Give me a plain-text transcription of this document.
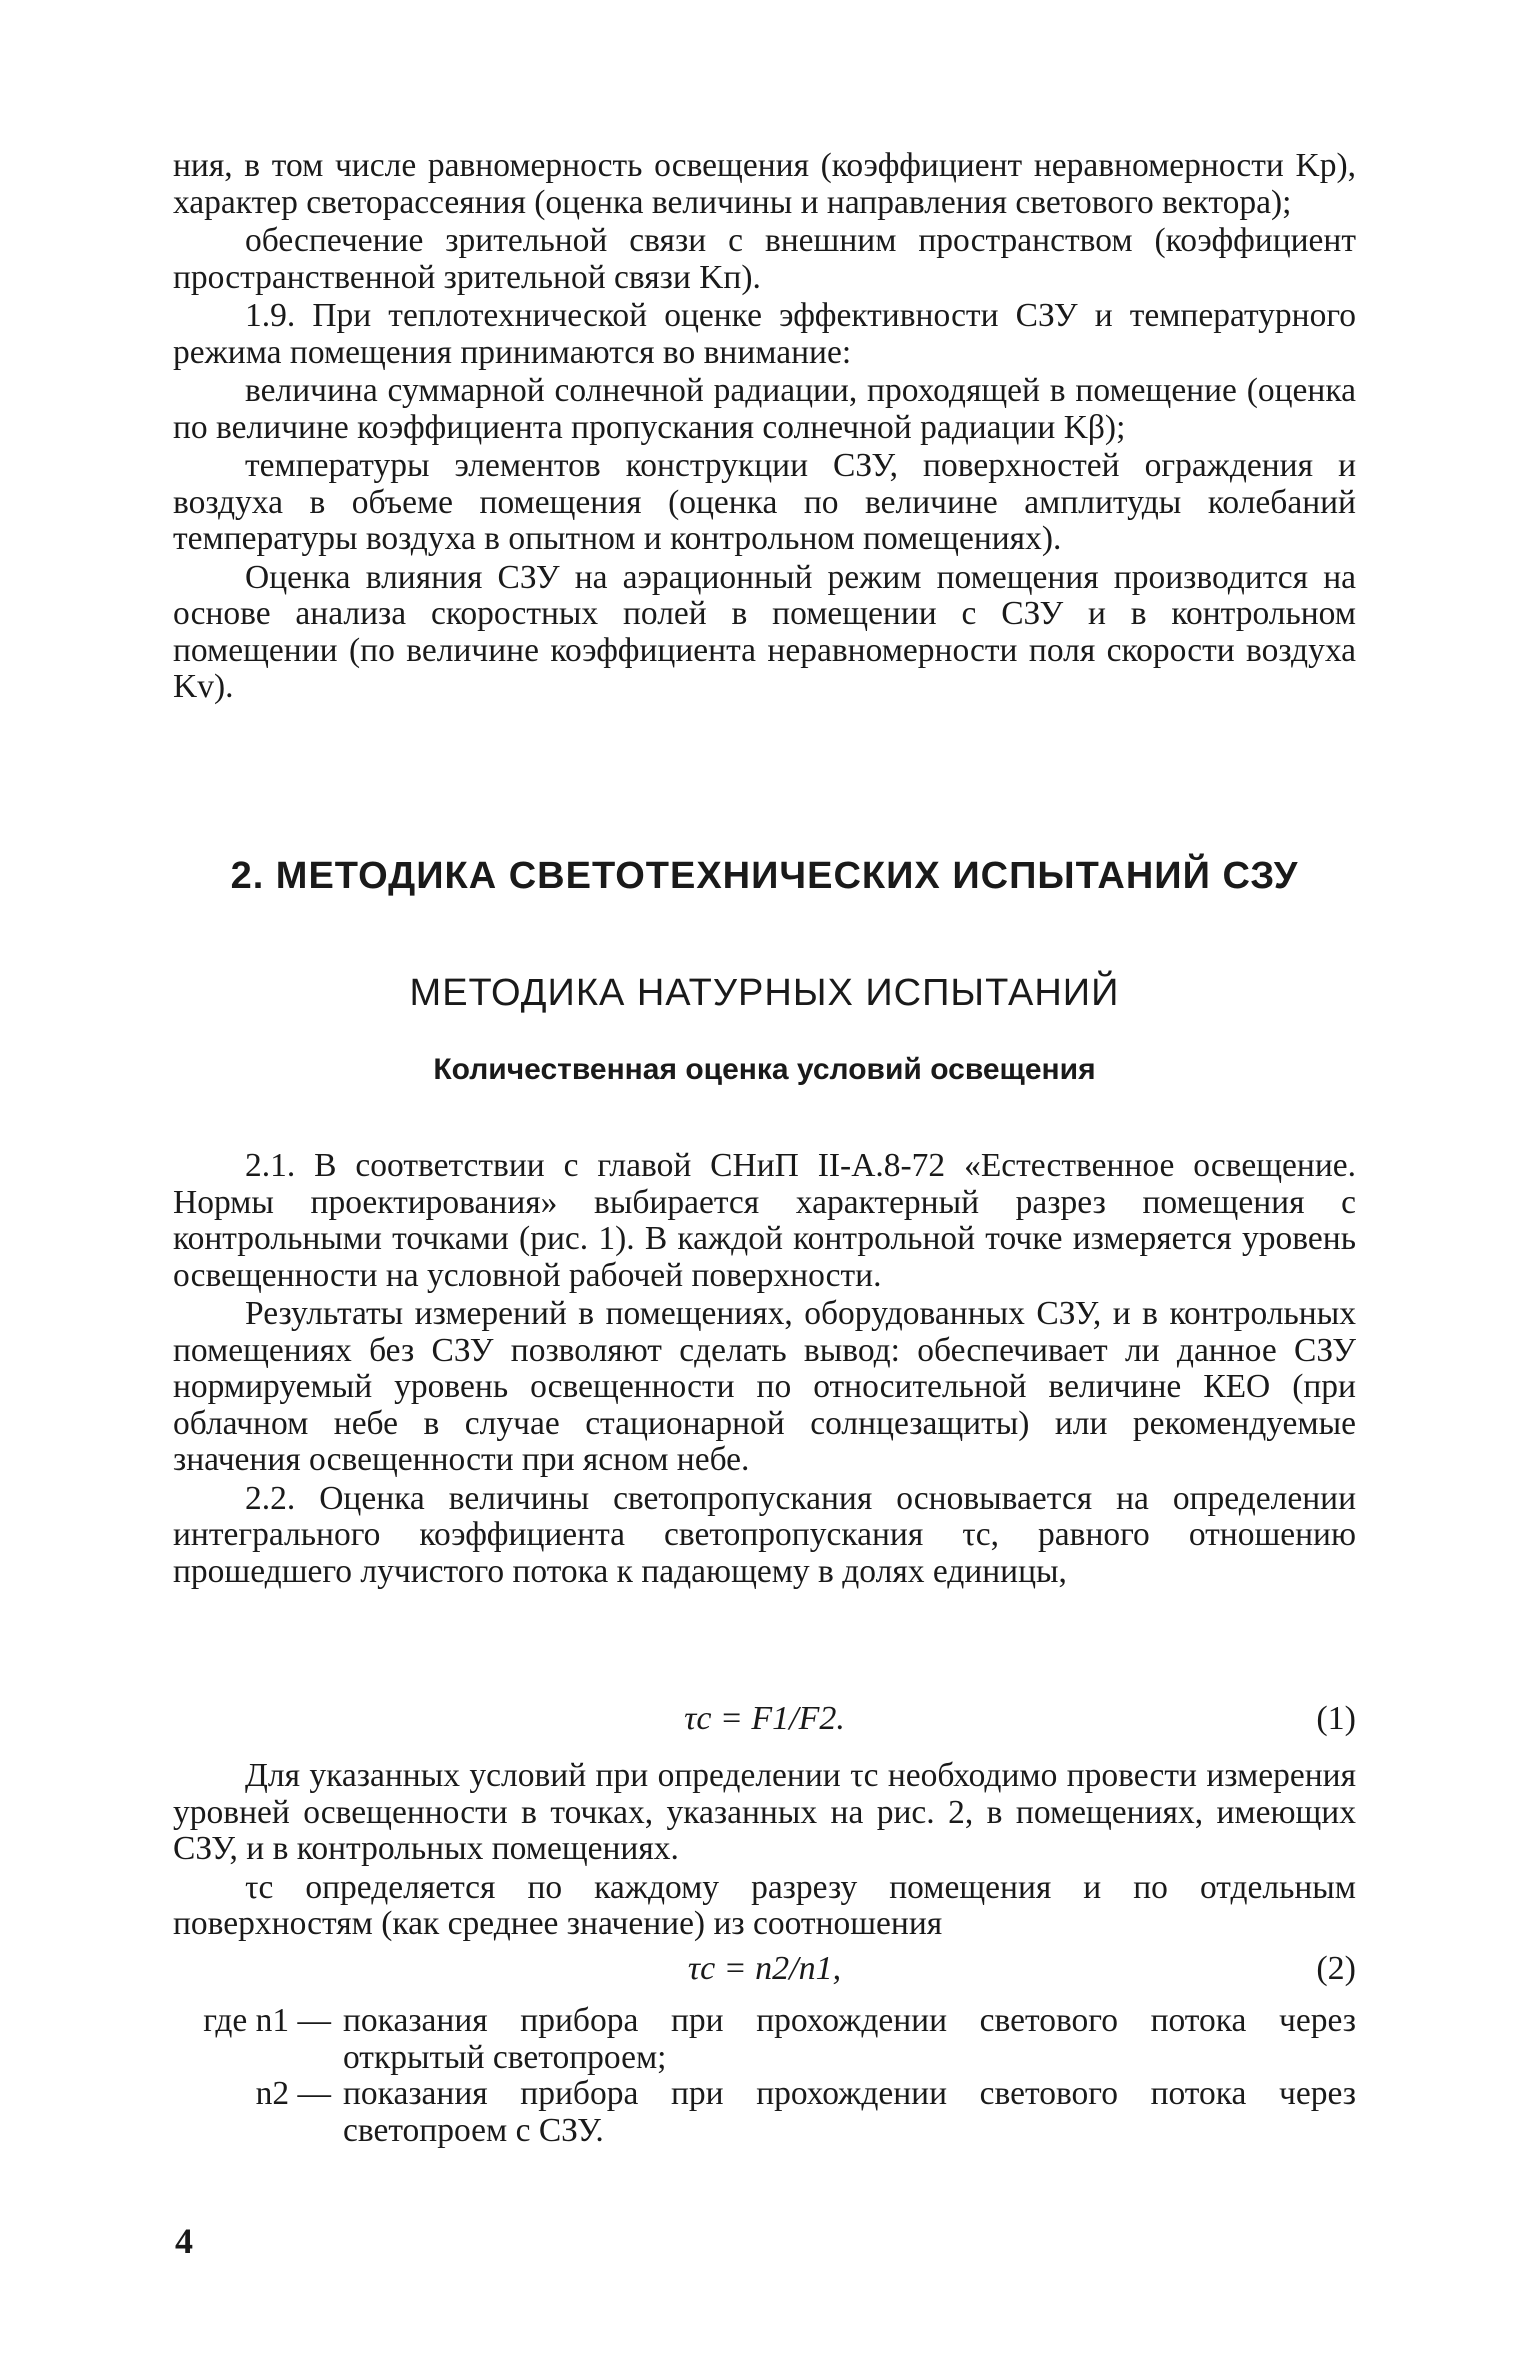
ния, в том числе равномерность освещения (коэффициент неравномерности Kр), характер светорассеяния (оценка величины и направления светового вектора);

обеспечение зрительной связи с внешним пространством (коэффициент пространственной зрительной связи Kп).

1.9. При теплотехнической оценке эффективности СЗУ и температурного режима помещения принимаются во внимание:

величина суммарной солнечной радиации, проходящей в помещение (оценка по величине коэффициента пропускания солнечной радиации Kβ);

температуры элементов конструкции СЗУ, поверхностей ограждения и воздуха в объеме помещения (оценка по величине амплитуды колебаний температуры воздуха в опытном и контрольном помещениях).

Оценка влияния СЗУ на аэрационный режим помещения производится на основе анализа скоростных полей в помещении с СЗУ и в контрольном помещении (по величине коэффициента неравномерности поля скорости воздуха Kv).

2. МЕТОДИКА СВЕТОТЕХНИЧЕСКИХ ИСПЫТАНИЙ СЗУ
МЕТОДИКА НАТУРНЫХ ИСПЫТАНИЙ
Количественная оценка условий освещения

2.1. В соответствии с главой СНиП II-А.8-72 «Естественное освещение. Нормы проектирования» выбирается характерный разрез помещения с контрольными точками (рис. 1). В каждой контрольной точке измеряется уровень освещенности на условной рабочей поверхности.

Результаты измерений в помещениях, оборудованных СЗУ, и в контрольных помещениях без СЗУ позволяют сделать вывод: обеспечивает ли данное СЗУ нормируемый уровень освещенности по относительной величине КЕО (при облачном небе в случае стационарной солнцезащиты) или рекомендуемые значения освещенности при ясном небе.

2.2. Оценка величины светопропускания основывается на определении интегрального коэффициента светопропускания τс, равного отношению прошедшего лучистого потока к падающему в долях единицы,

τс = F1/F2.	(1)

Для указанных условий при определении τс необходимо провести измерения уровней освещенности в точках, указанных на рис. 2, в помещениях, имеющих СЗУ, и в контрольных помещениях.

τс определяется по каждому разрезу помещения и по отдельным поверхностям (как среднее значение) из соотношения

τс = n2/n1,	(2)
где n1 — показания прибора при прохождении светового потока через открытый светопроем;
n2 — показания прибора при прохождении светового потока через светопроем с СЗУ.
4
